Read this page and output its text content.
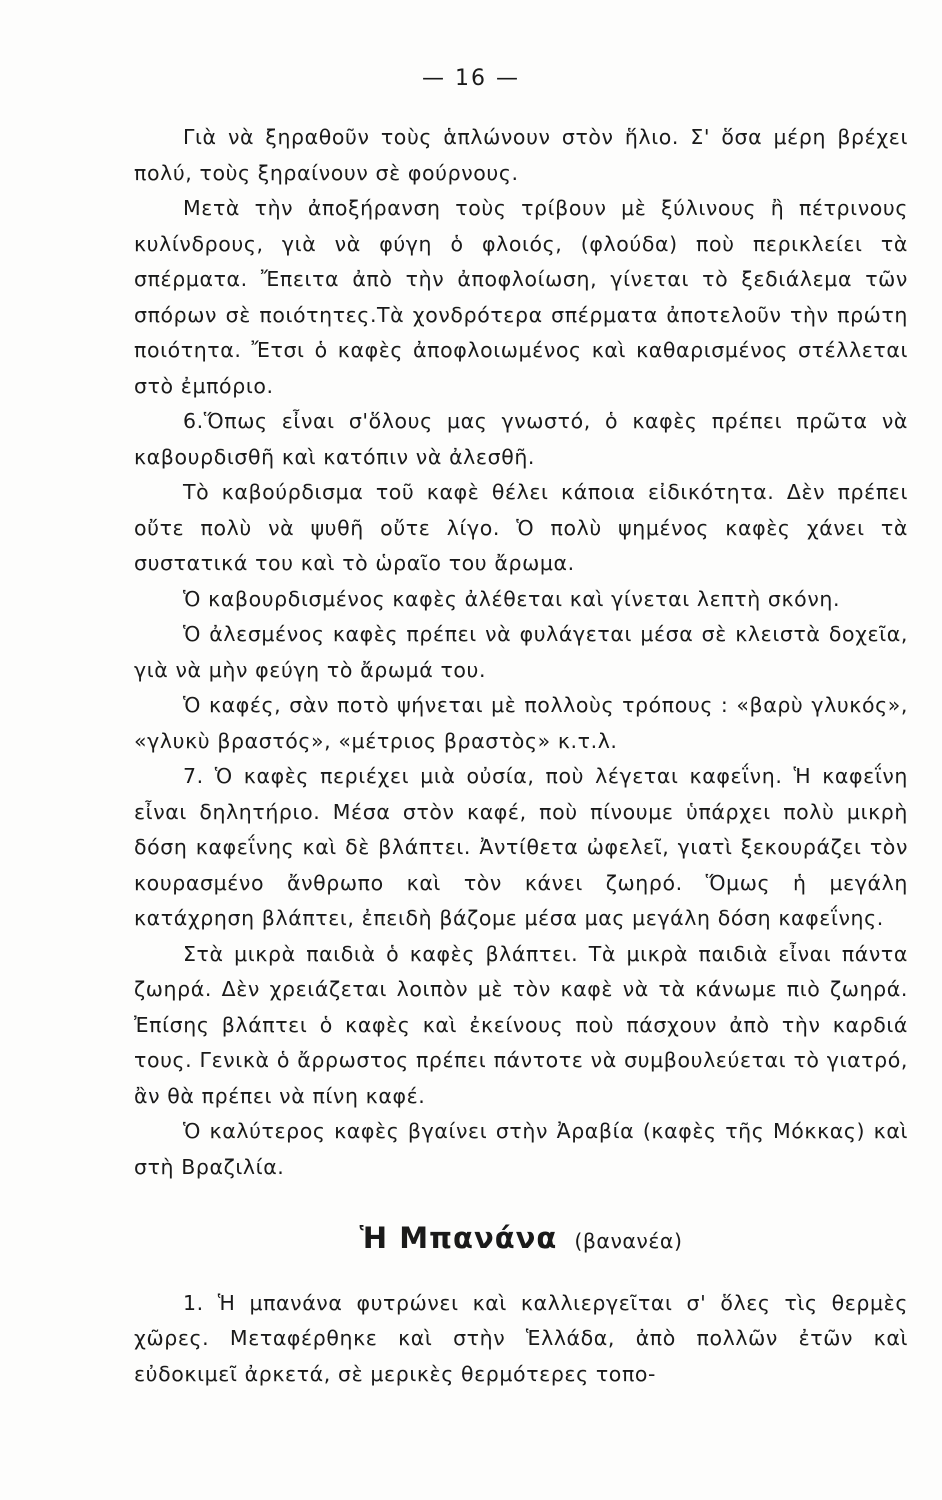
— 16 —

Γιὰ νὰ ξηραθοῦν τοὺς ἁπλώνουν στὸν ἥλιο. Σ' ὅσα μέρη βρέχει πολύ, τοὺς ξηραίνουν σὲ φούρνους.

Μετὰ τὴν ἀποξήρανση τοὺς τρίβουν μὲ ξύλινους ἢ πέτρινους κυλίνδρους, γιὰ νὰ φύγη ὁ φλοιός, (φλούδα) ποὺ περικλείει τὰ σπέρματα. Ἔπειτα ἀπὸ τὴν ἀποφλοίωση, γίνεται τὸ ξεδιάλεμα τῶν σπόρων σὲ ποιότητες.Τὰ χονδρότερα σπέρματα ἀποτελοῦν τὴν πρώτη ποιότητα. Ἔτσι ὁ καφὲς ἀποφλοιωμένος καὶ καθαρισμένος στέλλεται στὸ ἐμπόριο.

6.Ὅπως εἶναι σ'ὅλους μας γνωστό, ὁ καφὲς πρέπει πρῶτα νὰ καβουρδισθῆ καὶ κατόπιν νὰ ἀλεσθῆ.

Τὸ καβούρδισμα τοῦ καφὲ θέλει κάποια εἰδικότητα. Δὲν πρέπει οὔτε πολὺ νὰ ψυθῆ οὔτε λίγο. Ὁ πολὺ ψημένος καφὲς χάνει τὰ συστατικά του καὶ τὸ ὡραῖο του ἄρωμα.

Ὁ καβουρδισμένος καφὲς ἀλέθεται καὶ γίνεται λεπτὴ σκόνη.

Ὁ ἀλεσμένος καφὲς πρέπει νὰ φυλάγεται μέσα σὲ κλειστὰ δοχεῖα, γιὰ νὰ μὴν φεύγη τὸ ἄρωμά του.

Ὁ καφές, σὰν ποτὸ ψήνεται μὲ πολλοὺς τρόπους : «βαρὺ γλυκός», «γλυκὺ βραστός», «μέτριος βραστὸς» κ.τ.λ.

7. Ὁ καφὲς περιέχει μιὰ οὐσία, ποὺ λέγεται καφεΐνη. Ἡ καφεΐνη εἶναι δηλητήριο. Μέσα στὸν καφέ, ποὺ πίνουμε ὑπάρχει πολὺ μικρὴ δόση καφεΐνης καὶ δὲ βλάπτει. Ἀντίθετα ὠφελεῖ, γιατὶ ξεκουράζει τὸν κουρασμένο ἄνθρωπο καὶ τὸν κάνει ζωηρό. Ὅμως ἡ μεγάλη κατάχρηση βλάπτει, ἐπειδὴ βάζομε μέσα μας μεγάλη δόση καφεΐνης.

Στὰ μικρὰ παιδιὰ ὁ καφὲς βλάπτει. Τὰ μικρὰ παιδιὰ εἶναι πάντα ζωηρά. Δὲν χρειάζεται λοιπὸν μὲ τὸν καφὲ νὰ τὰ κάνωμε πιὸ ζωηρά. Ἐπίσης βλάπτει ὁ καφὲς καὶ ἐκείνους ποὺ πάσχουν ἀπὸ τὴν καρδιά τους. Γενικὰ ὁ ἄρρωστος πρέπει πάντοτε νὰ συμβουλεύεται τὸ γιατρό, ἂν θὰ πρέπει νὰ πίνη καφέ.

Ὁ καλύτερος καφὲς βγαίνει στὴν Ἀραβία (καφὲς τῆς Μόκκας) καὶ στὴ Βραζιλία.

Ἡ Μπανάνα (βανανέα)

1. Ἡ μπανάνα φυτρώνει καὶ καλλιεργεῖται σ' ὅλες τὶς θερμὲς χῶρες. Μεταφέρθηκε καὶ στὴν Ἑλλάδα, ἀπὸ πολλῶν ἐτῶν καὶ εὐδοκιμεῖ ἀρκετά, σὲ μερικὲς θερμότερες τοπο-
